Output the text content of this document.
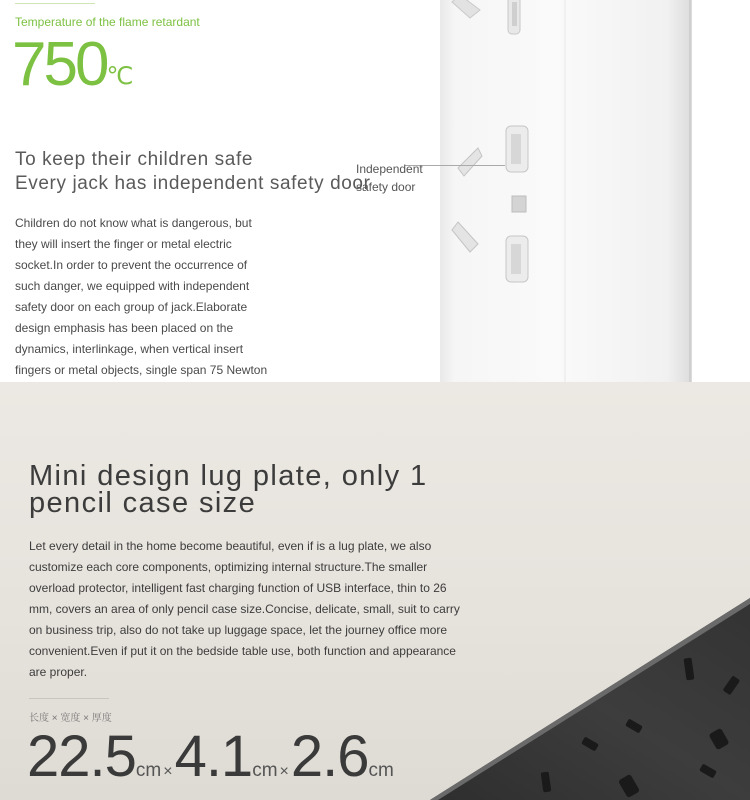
Temperature of the flame retardant
750℃
Independent
safety door
To keep their children safe
Every jack has independent safety door
Children do not know what is dangerous, but
they will insert the finger or metal electric
socket.In order to prevent the occurrence of
such danger, we equipped with independent
safety door on each group of jack.Elaborate
design emphasis has been placed on the
dynamics, interlinkage, when vertical insert
fingers or metal objects, single span 75 Newton
Mini design lug plate, only 1
pencil case size
Let every detail in the home become beautiful, even if is a lug plate, we also
customize each core components, optimizing internal structure.The smaller
overload protector, intelligent fast charging function of USB interface, thin to 26
mm, covers an area of only pencil case size.Concise, delicate, small, suit to carry
on business trip, also do not take up luggage space, let the journey office more
convenient.Even if put it on the bedside table use, both function and appearance
are proper.
长度 × 宽度 × 厚度
22.5cm ×4.1cm ×2.6cm
